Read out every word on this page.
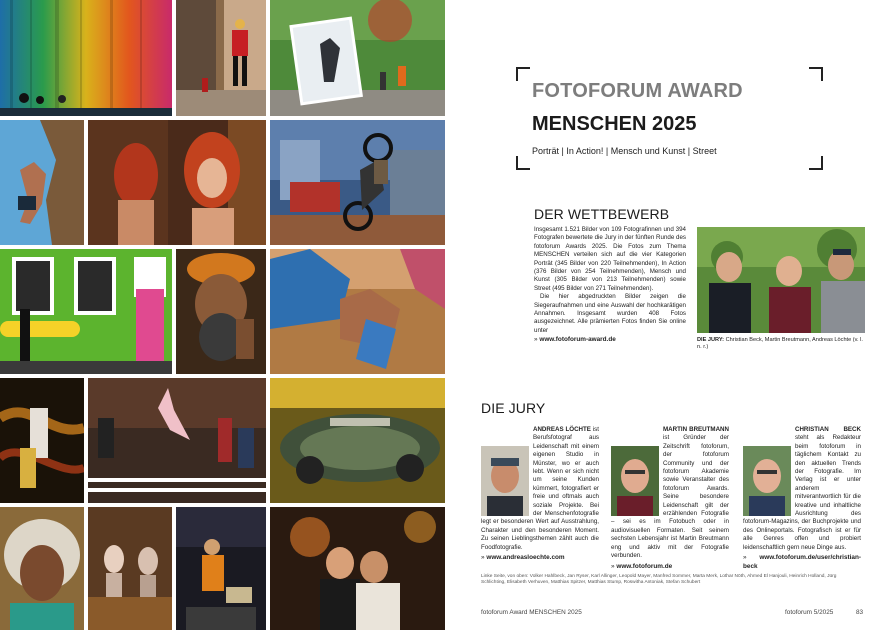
FOTOFORUM AWARD
MENSCHEN 2025
Porträt | In Action! | Mensch und Kunst | Street
DER WETTBEWERB

Insgesamt 1.521 Bilder von 109 Fotografinnen und 394 Fotografen bewertete die Jury in der fünften Runde des fotoforum Awards 2025. Die Fotos zum Thema MENSCHEN verteilen sich auf die vier Kategorien Porträt (345 Bilder von 220 Teilnehmenden), In Action (376 Bilder von 254 Teilnehmenden), Mensch und Kunst (305 Bilder von 213 Teilnehmenden) sowie Street (495 Bilder von 271 Teilnehmenden).

Die hier abgedruckten Bilder zeigen die Siegeraufnahmen und eine Auswahl der hochkarätigen Annahmen. Insgesamt wurden 408 Fotos ausgezeichnet. Alle prämierten Fotos finden Sie online unter

» www.fotoforum-award.de	DIE JURY: Christian Beck, Martin Breutmann, Andreas Löchte (v. l. n. r.)
DIE JURY

ANDREAS LÖCHTE ist Berufsfotograf aus Leidenschaft mit einem eigenen Studio in Münster, wo er auch lebt. Wenn er sich nicht um seine Kunden kümmert, fotografiert er freie und oftmals auch soziale Projekte. Bei der Menschenfotografie legt er besonderen Wert auf Ausstrahlung, Charakter und den besonderen Moment. Zu seinen Lieblingsthemen zählt auch die Foodfotografie.

» www.andreasloechte.com

MARTIN BREUTMANN
ist Gründer der Zeitschrift fotoforum, der fotoforum Community und der fotoforum Akademie sowie Veranstalter des fotoforum Awards. Seine besondere Leidenschaft gilt der erzählenden Fotografie – sei es im Fotobuch oder in audiovisuellen Formaten. Seit seinem sechsten Lebensjahr ist Martin Breutmann eng und aktiv mit der Fotografie verbunden.

» www.fotoforum.de

CHRISTIAN BECK
steht als Redakteur beim fotoforum in täglichem Kontakt zu den aktuellen Trends der Fotografie. Im Verlag ist er unter anderem mitverantwortlich für die kreative und inhaltliche Ausrichtung des fotoforum-Magazins, der Buchprojekte und des Onlineportals. Fotografisch ist er für alle Genres offen und probiert leidenschaftlich gern neue Dinge aus.

» www.fotoforum.de/user/christian-beck

Linke Seite, von oben: Volker Hahlbeck, Jan Ryser, Karl Allinger, Leopold Mayer, Manfred Sommer, Marta Merk, Lothar Nöth, Ahmed El Hanjouli, Heinrich Holland, Jürg Schlichting, Elisabeth Verhuven, Matthias Spitzer, Matthias Stump, Roswitha Antoniak, Stefan Schubert
fotoforum Award MENSCHEN 2025	fotoforum 5/2025	83
